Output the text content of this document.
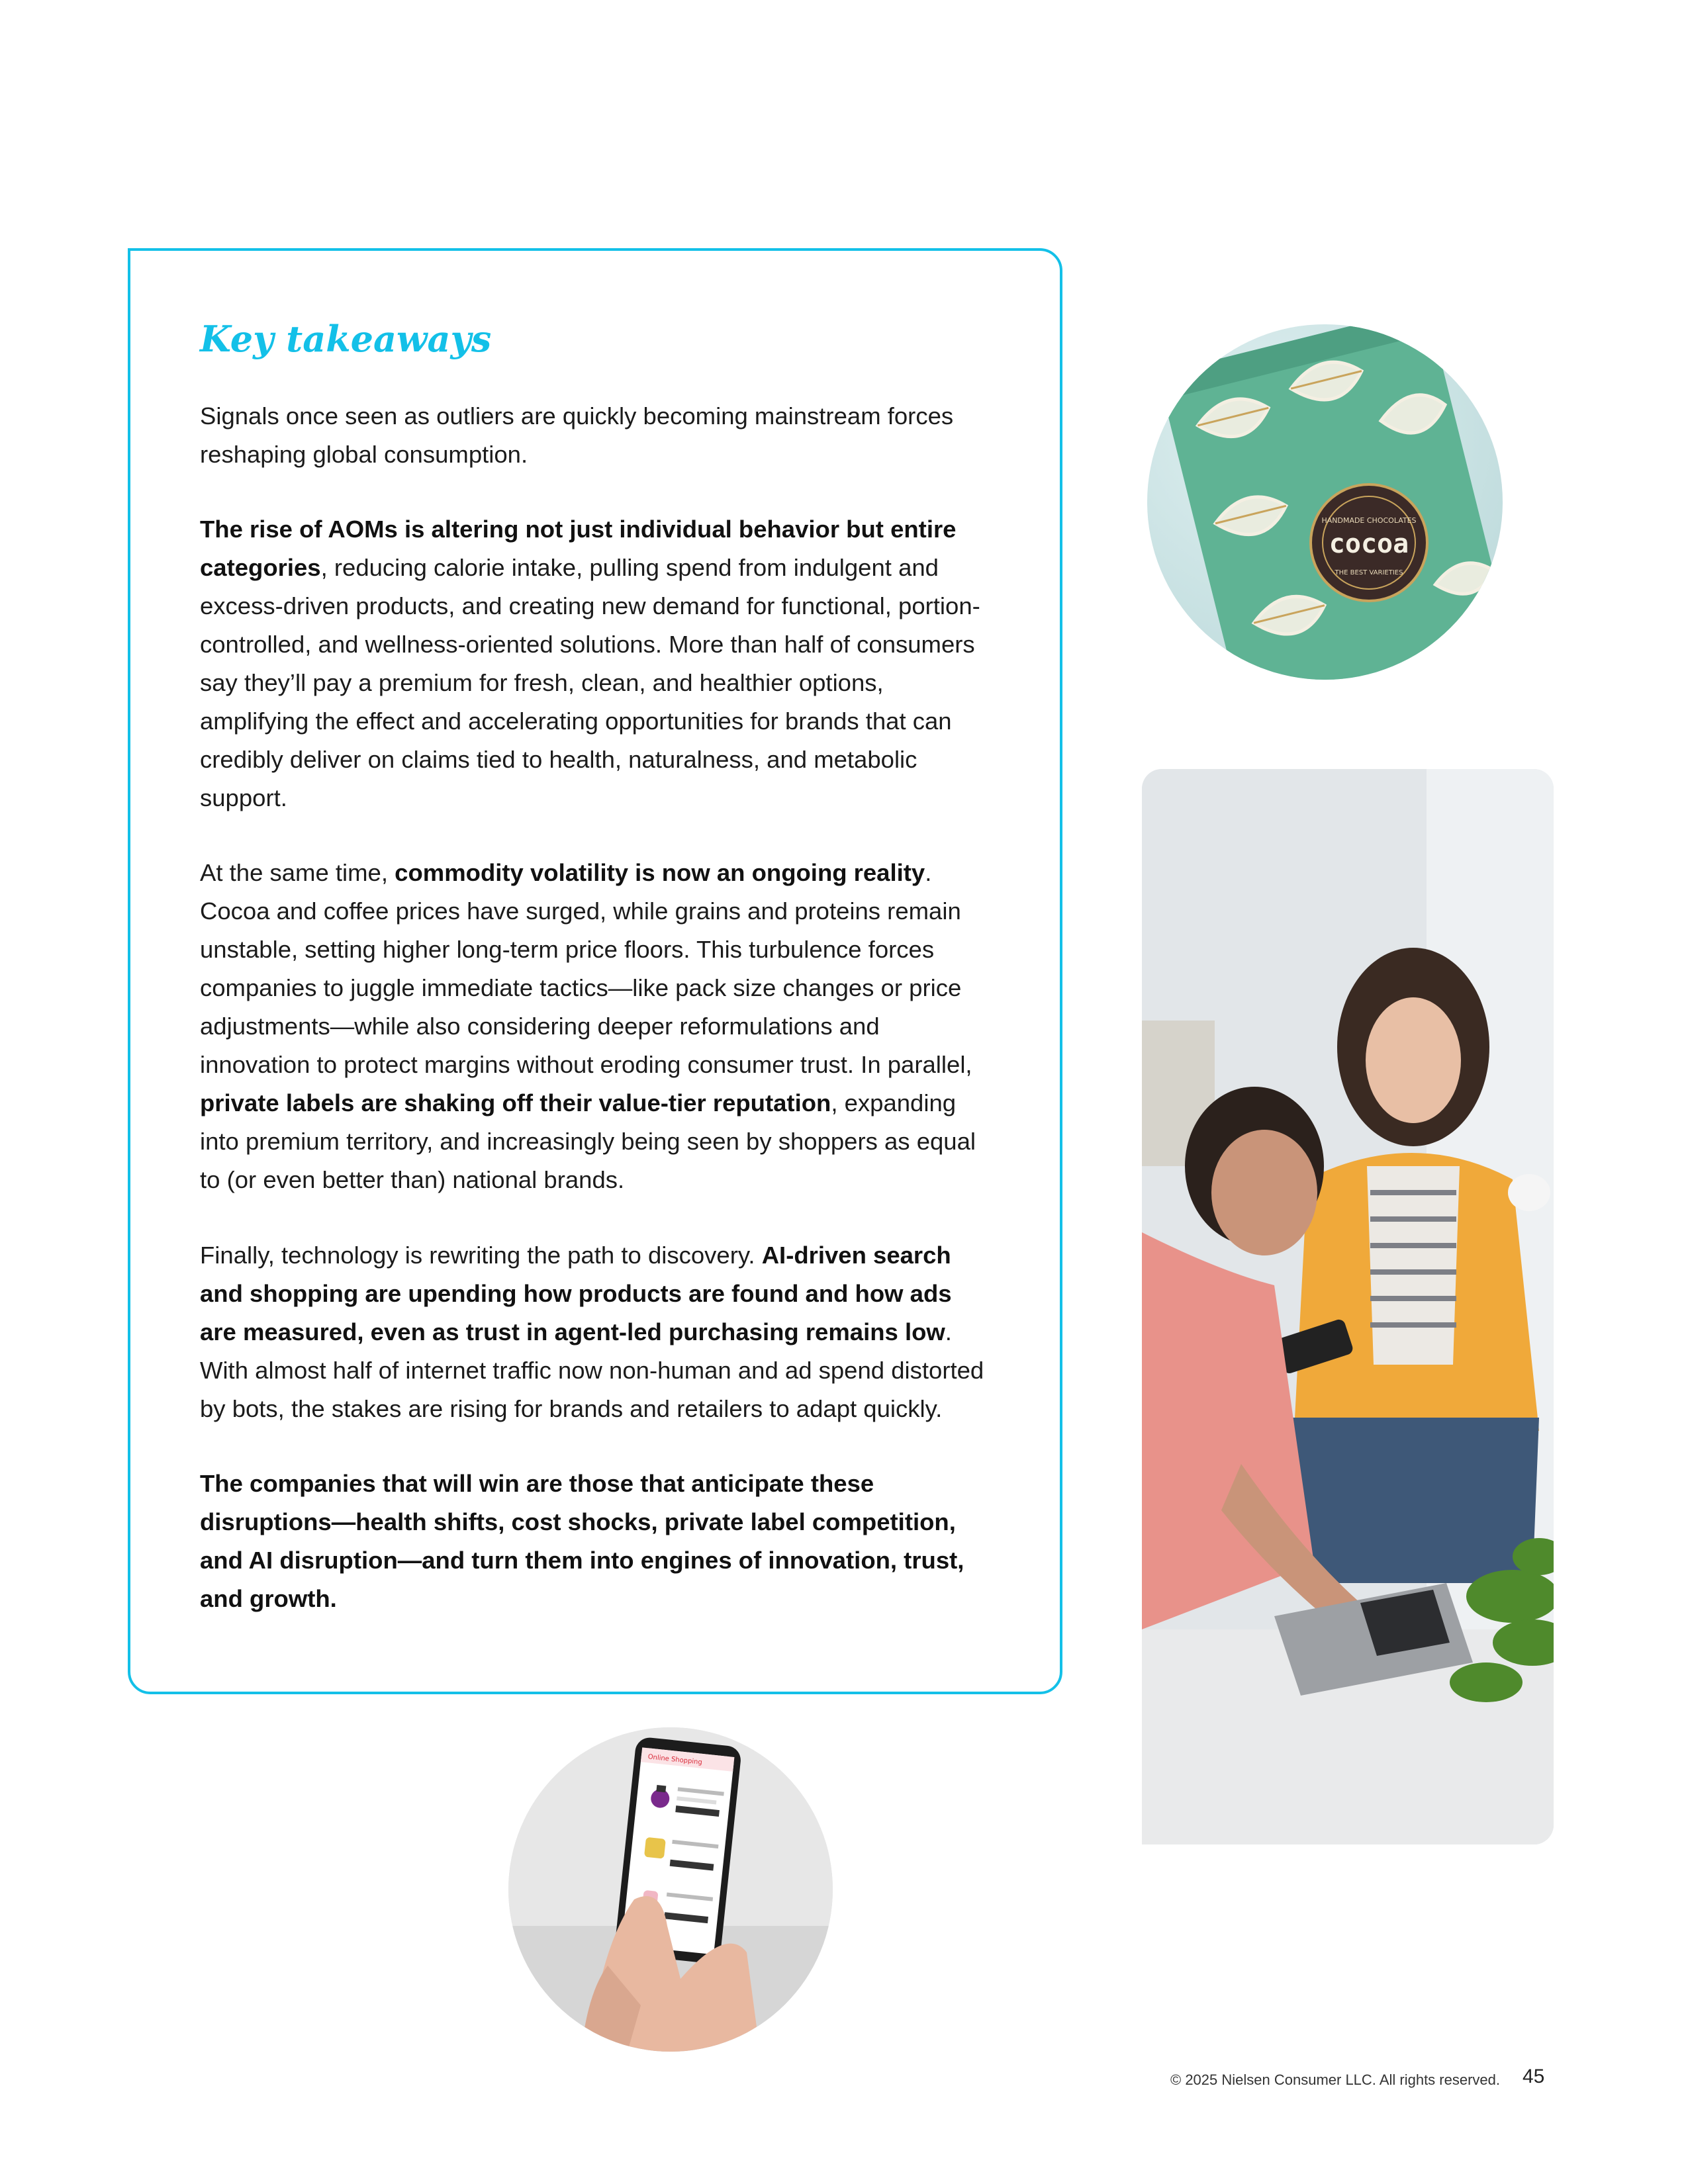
Key takeaways

Signals once seen as outliers are quickly becoming mainstream forces reshaping global consumption.

The rise of AOMs is altering not just individual behavior but entire categories, reducing calorie intake, pulling spend from indulgent and excess-driven products, and creating new demand for functional, portion-controlled, and wellness-oriented solutions. More than half of consumers say they’ll pay a premium for fresh, clean, and healthier options, amplifying the effect and accelerating opportunities for brands that can credibly deliver on claims tied to health, naturalness, and metabolic support.

At the same time, commodity volatility is now an ongoing reality. Cocoa and coffee prices have surged, while grains and proteins remain unstable, setting higher long-term price floors. This turbulence forces companies to juggle immediate tactics—like pack size changes or price adjustments—while also considering deeper reformulations and innovation to protect margins without eroding consumer trust. In parallel, private labels are shaking off their value-tier reputation, expanding into premium territory, and increasingly being seen by shoppers as equal to (or even better than) national brands.

Finally, technology is rewriting the path to discovery. AI-driven search and shopping are upending how products are found and how ads are measured, even as trust in agent-led purchasing remains low. With almost half of internet traffic now non-human and ad spend distorted by bots, the stakes are rising for brands and retailers to adapt quickly.

The companies that will win are those that anticipate these disruptions—health shifts, cost shocks, private label competition, and AI disruption—and turn them into engines of innovation, trust, and growth.

HANDMADE CHOCOLATES
cocoa
THE BEST VARIETIES
Online Shopping

© 2025 Nielsen Consumer LLC. All rights reserved. 45
